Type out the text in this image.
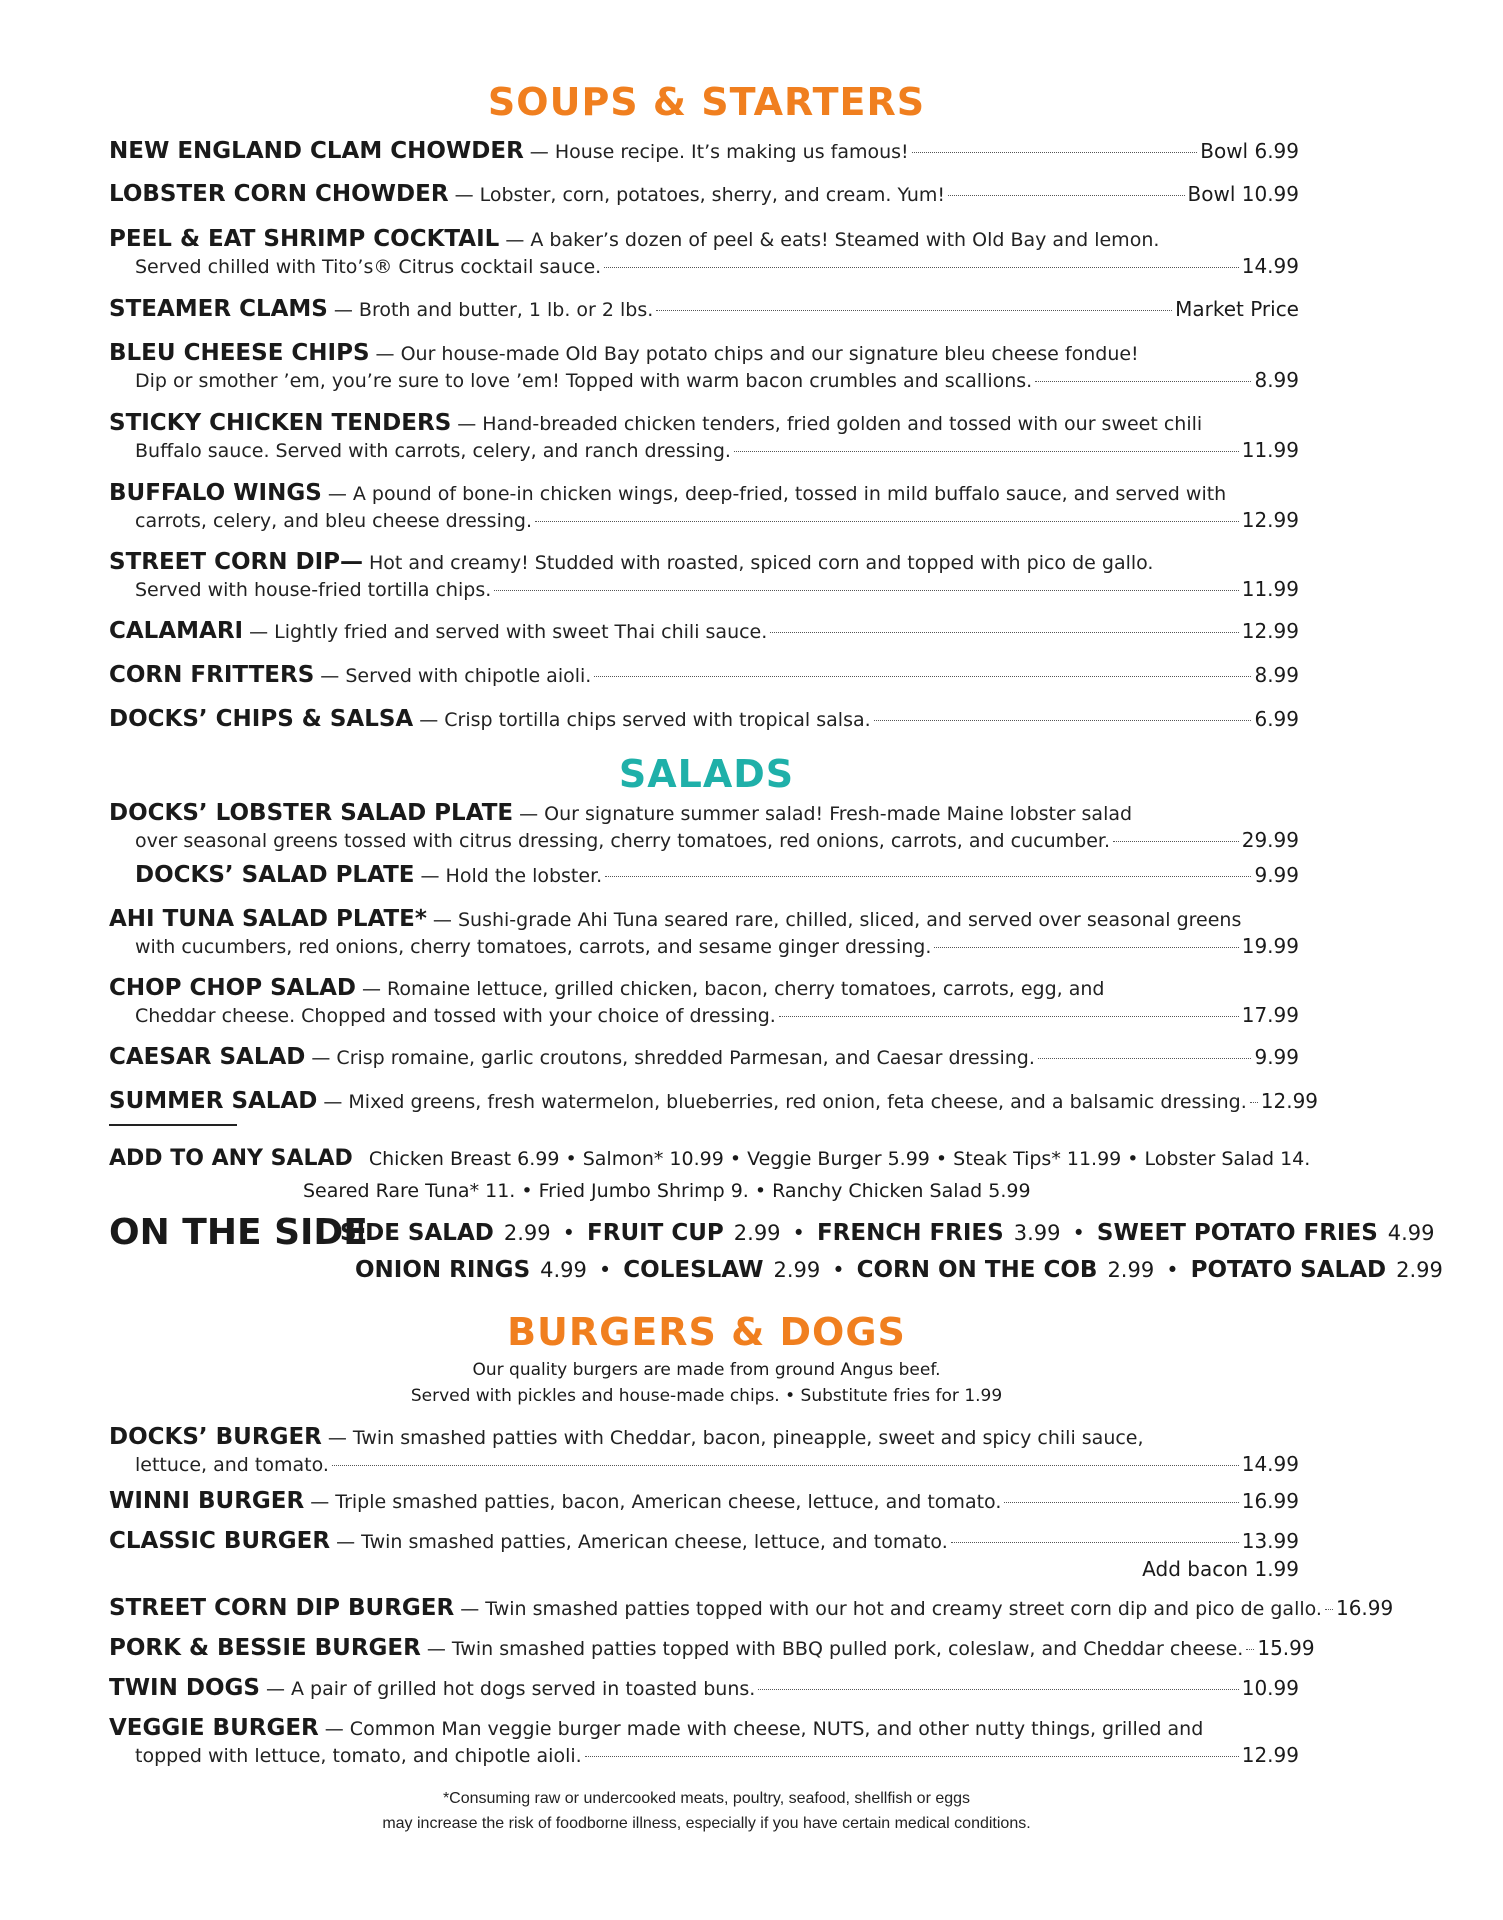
SOUPS & STARTERS
NEW ENGLAND CLAM CHOWDER — House recipe. It’s making us famous!	Bowl 6.99
LOBSTER CORN CHOWDER — Lobster, corn, potatoes, sherry, and cream. Yum!	Bowl 10.99
PEEL & EAT SHRIMP COCKTAIL — A baker’s dozen of peel & eats! Steamed with Old Bay and lemon.
Served chilled with Tito’s® Citrus cocktail sauce.	14.99
STEAMER CLAMS — Broth and butter, 1 lb. or 2 lbs.	Market Price
BLEU CHEESE CHIPS — Our house-made Old Bay potato chips and our signature bleu cheese fondue!
Dip or smother ’em, you’re sure to love ’em! Topped with warm bacon crumbles and scallions.	8.99
STICKY CHICKEN TENDERS — Hand-breaded chicken tenders, fried golden and tossed with our sweet chili
Buffalo sauce. Served with carrots, celery, and ranch dressing.	11.99
BUFFALO WINGS — A pound of bone-in chicken wings, deep-fried, tossed in mild buffalo sauce, and served with
carrots, celery, and bleu cheese dressing.	12.99
STREET CORN DIP— Hot and creamy! Studded with roasted, spiced corn and topped with pico de gallo.
Served with house-fried tortilla chips.	11.99
CALAMARI — Lightly fried and served with sweet Thai chili sauce.	12.99
CORN FRITTERS — Served with chipotle aioli.	8.99
DOCKS’ CHIPS & SALSA — Crisp tortilla chips served with tropical salsa.	6.99
SALADS
DOCKS’ LOBSTER SALAD PLATE — Our signature summer salad! Fresh-made Maine lobster salad
over seasonal greens tossed with citrus dressing, cherry tomatoes, red onions, carrots, and cucumber.	29.99
DOCKS’ SALAD PLATE — Hold the lobster.	9.99
AHI TUNA SALAD PLATE* — Sushi-grade Ahi Tuna seared rare, chilled, sliced, and served over seasonal greens
with cucumbers, red onions, cherry tomatoes, carrots, and sesame ginger dressing.	19.99
CHOP CHOP SALAD — Romaine lettuce, grilled chicken, bacon, cherry tomatoes, carrots, egg, and
Cheddar cheese. Chopped and tossed with your choice of dressing.	17.99
CAESAR SALAD — Crisp romaine, garlic croutons, shredded Parmesan, and Caesar dressing.	9.99
SUMMER SALAD — Mixed greens, fresh watermelon, blueberries, red onion, feta cheese, and a balsamic dressing. 12.99
ADD TO ANY SALAD Chicken Breast 6.99 • Salmon* 10.99 • Veggie Burger 5.99 • Steak Tips* 11.99 • Lobster Salad 14.
Seared Rare Tuna* 11. • Fried Jumbo Shrimp 9. • Ranchy Chicken Salad 5.99
ON THE SIDE
SIDE SALAD 2.99 • FRUIT CUP 2.99 • FRENCH FRIES 3.99 • SWEET POTATO FRIES 4.99
ONION RINGS 4.99 • COLESLAW 2.99 • CORN ON THE COB 2.99 • POTATO SALAD 2.99
BURGERS & DOGS
Our quality burgers are made from ground Angus beef.
Served with pickles and house-made chips. • Substitute fries for 1.99
DOCKS’ BURGER — Twin smashed patties with Cheddar, bacon, pineapple, sweet and spicy chili sauce,
lettuce, and tomato.	14.99
WINNI BURGER — Triple smashed patties, bacon, American cheese, lettuce, and tomato.	16.99
CLASSIC BURGER — Twin smashed patties, American cheese, lettuce, and tomato.	13.99
STREET CORN DIP BURGER — Twin smashed patties topped with our hot and creamy street corn dip and pico de gallo. 16.99
PORK & BESSIE BURGER — Twin smashed patties topped with BBQ pulled pork, coleslaw, and Cheddar cheese. 15.99
TWIN DOGS — A pair of grilled hot dogs served in toasted buns.	10.99
VEGGIE BURGER — Common Man veggie burger made with cheese, NUTS, and other nutty things, grilled and
topped with lettuce, tomato, and chipotle aioli.	12.99
Add bacon 1.99
*Consuming raw or undercooked meats, poultry, seafood, shellfish or eggs
may increase the risk of foodborne illness, especially if you have certain medical conditions.
